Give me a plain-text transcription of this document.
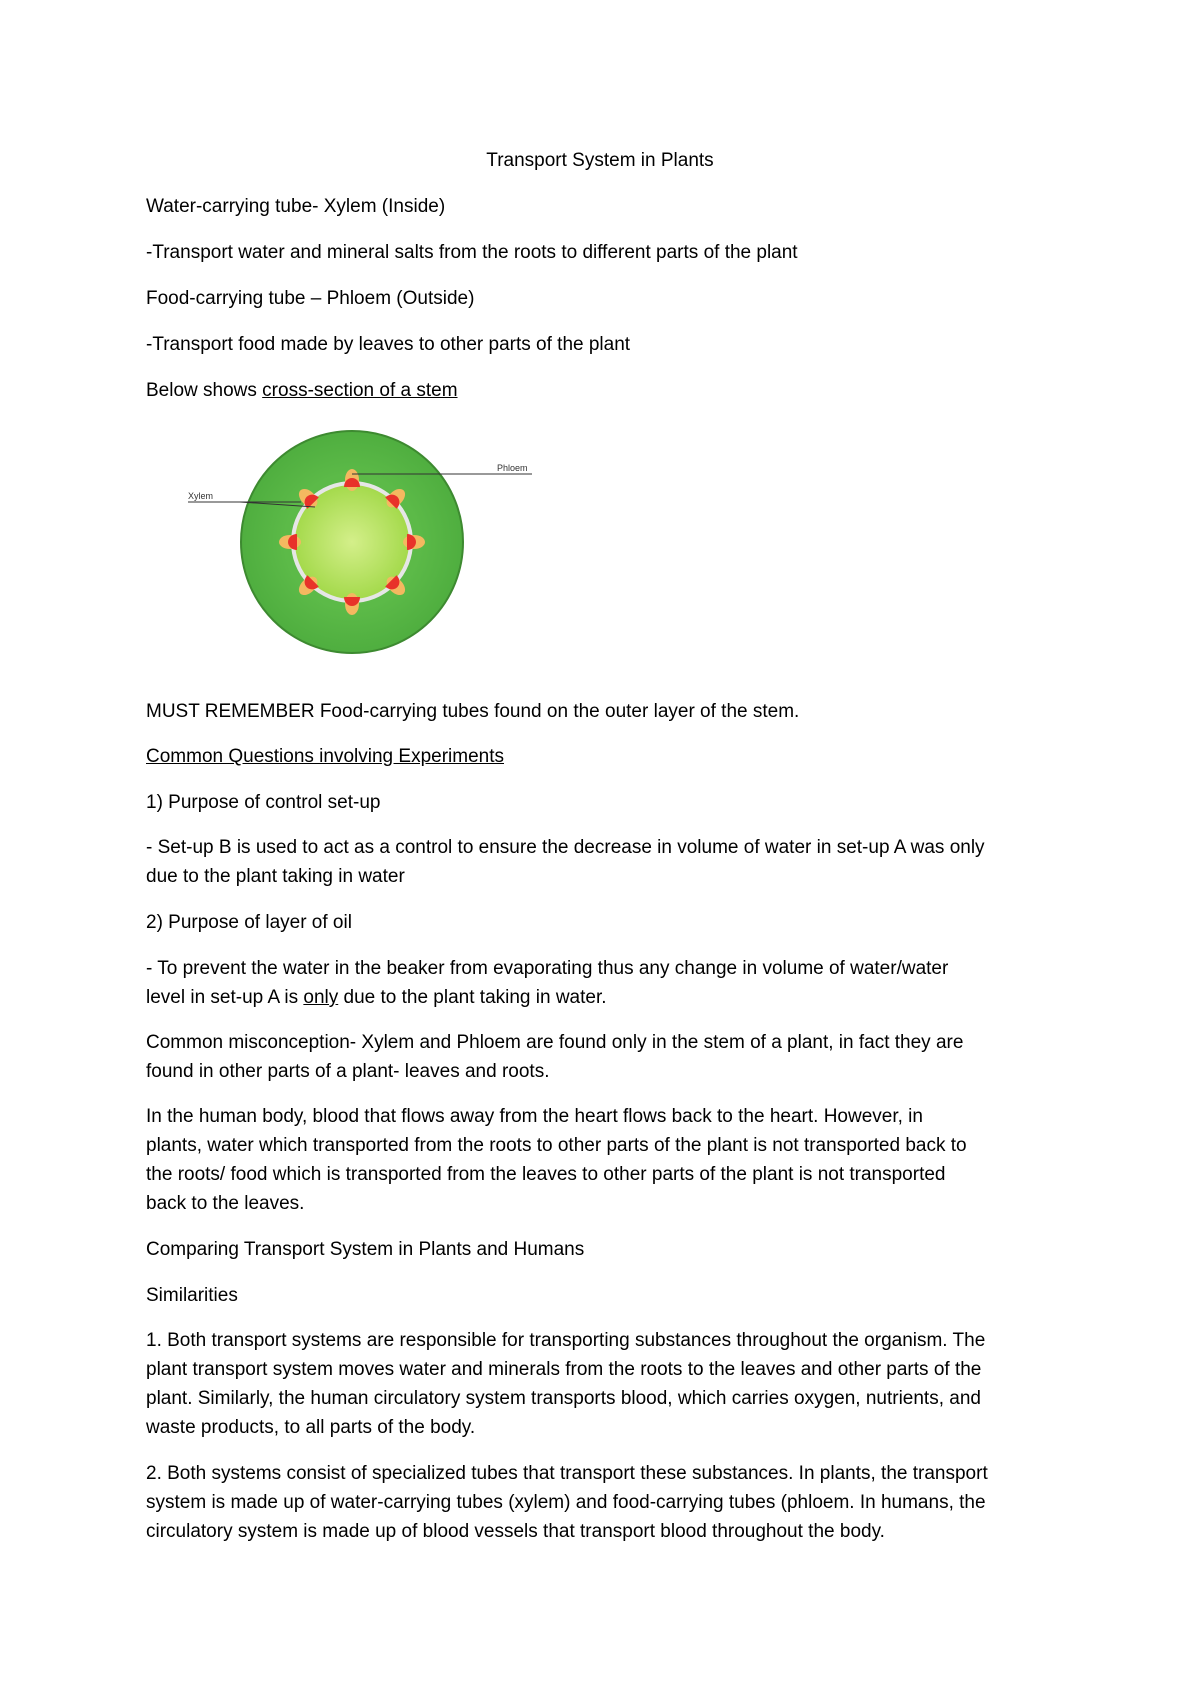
Transport System in Plants
Water-carrying tube- Xylem (Inside)
-Transport water and mineral salts from the roots to different parts of the plant
Food-carrying tube – Phloem (Outside)
-Transport food made by leaves to other parts of the plant
Below shows cross-section of a stem
Phloem
Xylem
MUST REMEMBER Food-carrying tubes found on the outer layer of the stem.
Common Questions involving Experiments
1) Purpose of control set-up
- Set-up B is used to act as a control to ensure the decrease in volume of water in set-up A was only
due to the plant taking in water
2) Purpose of layer of oil
- To prevent the water in the beaker from evaporating thus any change in volume of water/water
level in set-up A is only due to the plant taking in water.
Common misconception- Xylem and Phloem are found only in the stem of a plant, in fact they are
found in other parts of a plant- leaves and roots.
In the human body, blood that flows away from the heart flows back to the heart. However, in
plants, water which transported from the roots to other parts of the plant is not transported back to
the roots/ food which is transported from the leaves to other parts of the plant is not transported
back to the leaves.
Comparing Transport System in Plants and Humans
Similarities
1. Both transport systems are responsible for transporting substances throughout the organism. The
plant transport system moves water and minerals from the roots to the leaves and other parts of the
plant. Similarly, the human circulatory system transports blood, which carries oxygen, nutrients, and
waste products, to all parts of the body.
2. Both systems consist of specialized tubes that transport these substances. In plants, the transport
system is made up of water-carrying tubes (xylem) and food-carrying tubes (phloem. In humans, the
circulatory system is made up of blood vessels that transport blood throughout the body.
